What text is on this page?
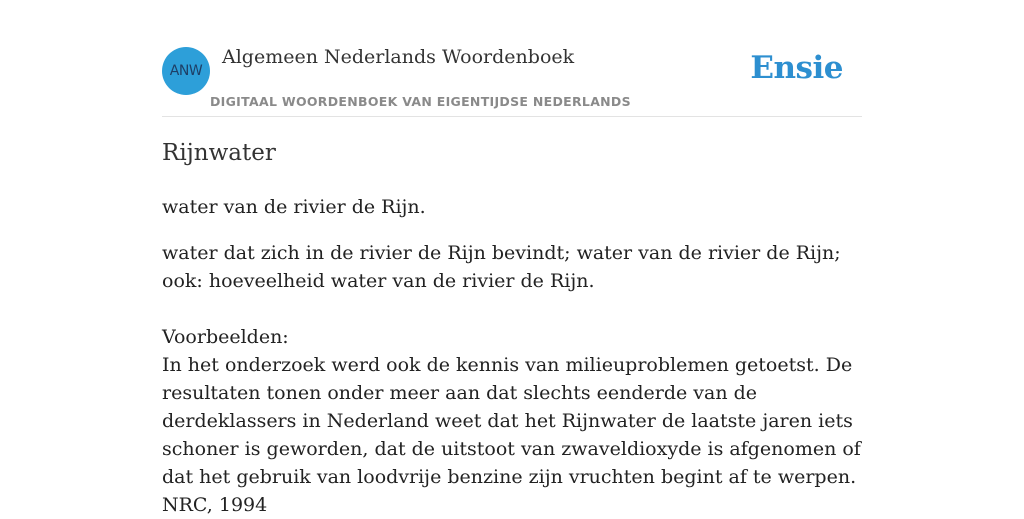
ANW
Algemeen Nederlands Woordenboek
DIGITAAL WOORDENBOEK VAN EIGENTIJDSE NEDERLANDS
Ensie
Rijnwater

water van de rivier de Rijn.

water dat zich in de rivier de Rijn bevindt; water van de rivier de Rijn; ook: hoeveelheid water van de rivier de Rijn.

Voorbeelden:

In het onderzoek werd ook de kennis van milieuproblemen getoetst. De resultaten tonen onder meer aan dat slechts eenderde van de derdeklassers in Nederland weet dat het Rijnwater de laatste jaren iets schoner is geworden, dat de uitstoot van zwaveldioxyde is afgenomen of dat het gebruik van loodvrije benzine zijn vruchten begint af te werpen.

NRC, 1994
